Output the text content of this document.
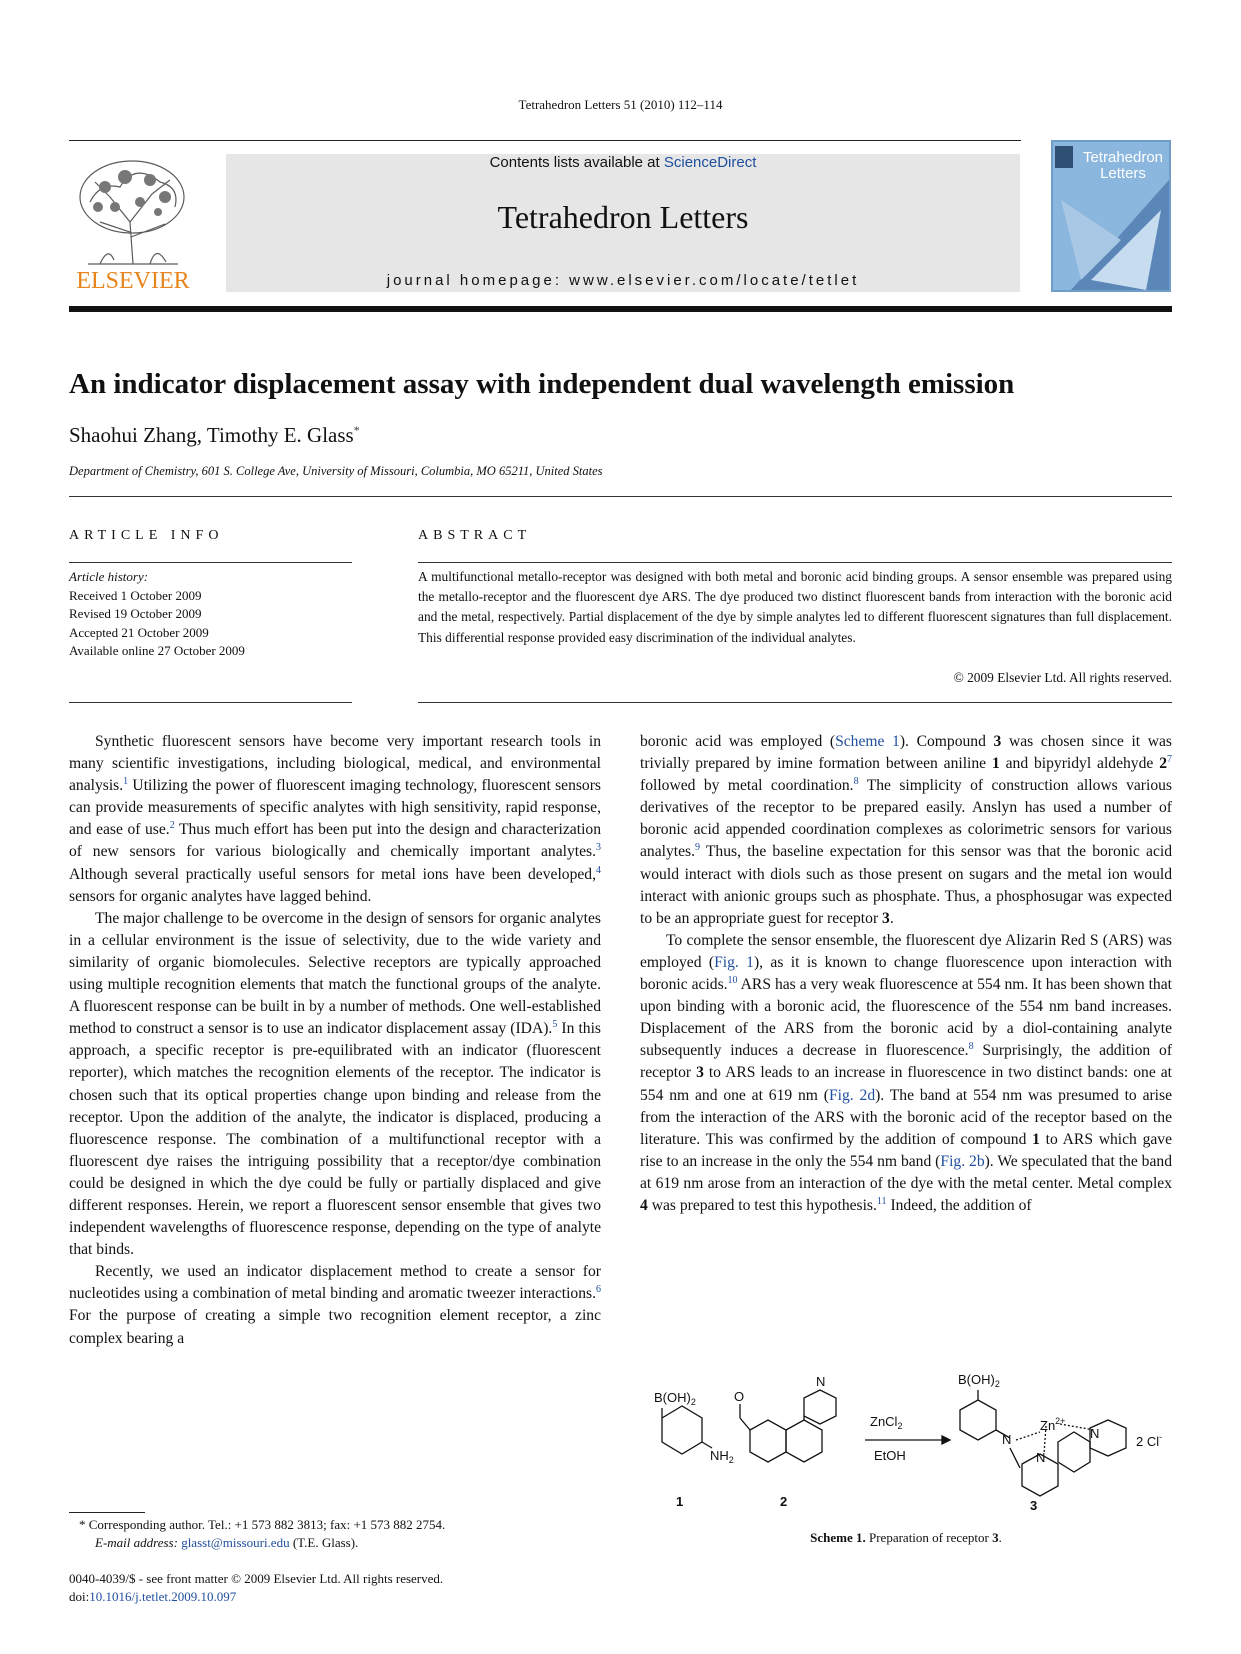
Tetrahedron Letters 51 (2010) 112–114
ELSEVIER
Contents lists available at ScienceDirect
Tetrahedron Letters
journal homepage: www.elsevier.com/locate/tetlet
Tetrahedron
Letters
An indicator displacement assay with independent dual wavelength emission
Shaohui Zhang, Timothy E. Glass*
Department of Chemistry, 601 S. College Ave, University of Missouri, Columbia, MO 65211, United States
ARTICLE INFO	ABSTRACT
Article history:
Received 1 October 2009
Revised 19 October 2009
Accepted 21 October 2009
Available online 27 October 2009
A multifunctional metallo-receptor was designed with both metal and boronic acid binding groups. A sensor ensemble was prepared using the metallo-receptor and the fluorescent dye ARS. The dye produced two distinct fluorescent bands from interaction with the boronic acid and the metal, respectively. Partial displacement of the dye by simple analytes led to different fluorescent signatures than full displacement. This differential response provided easy discrimination of the individual analytes.
© 2009 Elsevier Ltd. All rights reserved.

Synthetic fluorescent sensors have become very important research tools in many scientific investigations, including biological, medical, and environmental analysis.$^1$ Utilizing the power of fluorescent imaging technology, fluorescent sensors can provide measurements of specific analytes with high sensitivity, rapid response, and ease of use.$^2$ Thus much effort has been put into the design and characterization of new sensors for various biologically and chemically important analytes.$^3$ Although several practically useful sensors for metal ions have been developed,$^4$ sensors for organic analytes have lagged behind.

The major challenge to be overcome in the design of sensors for organic analytes in a cellular environment is the issue of selectivity, due to the wide variety and similarity of organic biomolecules. Selective receptors are typically approached using multiple recognition elements that match the functional groups of the analyte. A fluorescent response can be built in by a number of methods. One well-established method to construct a sensor is to use an indicator displacement assay (IDA).$^5$ In this approach, a specific receptor is pre-equilibrated with an indicator (fluorescent reporter), which matches the recognition elements of the receptor. The indicator is chosen such that its optical properties change upon binding and release from the receptor. Upon the addition of the analyte, the indicator is displaced, producing a fluorescence response. The combination of a multifunctional receptor with a fluorescent dye raises the intriguing possibility that a receptor/dye combination could be designed in which the dye could be fully or partially displaced and give different responses. Herein, we report a fluorescent sensor ensemble that gives two independent wavelengths of fluorescence response, depending on the type of analyte that binds.

Recently, we used an indicator displacement method to create a sensor for nucleotides using a combination of metal binding and aromatic tweezer interactions.$^6$ For the purpose of creating a simple two recognition element receptor, a zinc complex bearing a

boronic acid was employed (Scheme 1). Compound 3 was chosen since it was trivially prepared by imine formation between aniline 1 and bipyridyl aldehyde $2^7$ followed by metal coordination.$^8$ The simplicity of construction allows various derivatives of the receptor to be prepared easily. Anslyn has used a number of boronic acid appended coordination complexes as colorimetric sensors for various analytes.$^9$ Thus, the baseline expectation for this sensor was that the boronic acid would interact with diols such as those present on sugars and the metal ion would interact with anionic groups such as phosphate. Thus, a phosphosugar was expected to be an appropriate guest for receptor 3.

To complete the sensor ensemble, the fluorescent dye Alizarin Red S (ARS) was employed (Fig. 1), as it is known to change fluorescence upon interaction with boronic acids.$^{10}$ ARS has a very weak fluorescence at 554 nm. It has been shown that upon binding with a boronic acid, the fluorescence of the 554 nm band increases. Displacement of the ARS from the boronic acid by a diol-containing analyte subsequently induces a decrease in fluorescence.$^8$ Surprisingly, the addition of receptor 3 to ARS leads to an increase in fluorescence in two distinct bands: one at 554 nm and one at 619 nm (Fig. 2d). The band at 554 nm was presumed to arise from the interaction of the ARS with the boronic acid of the receptor based on the literature. This was confirmed by the addition of compound 1 to ARS which gave rise to an increase in the only the 554 nm band (Fig. 2b). We speculated that the band at 619 nm arose from an interaction of the dye with the metal center. Metal complex 4 was prepared to test this hypothesis.$^{11}$ Indeed, the addition of

$B(OH)_2$
$NH_2$
O
N
ZnCl$_2$
EtOH
$B(OH)_2$
N
N
$Zn^{2+}$
N
2 Cl-
1	2	3
Scheme 1. Preparation of receptor 3.
* Corresponding author. Tel.: +1 573 882 3813; fax: +1 573 882 2754.
E-mail address: glasst@missouri.edu (T.E. Glass).
0040-4039/$ - see front matter © 2009 Elsevier Ltd. All rights reserved.
doi:10.1016/j.tetlet.2009.10.097
